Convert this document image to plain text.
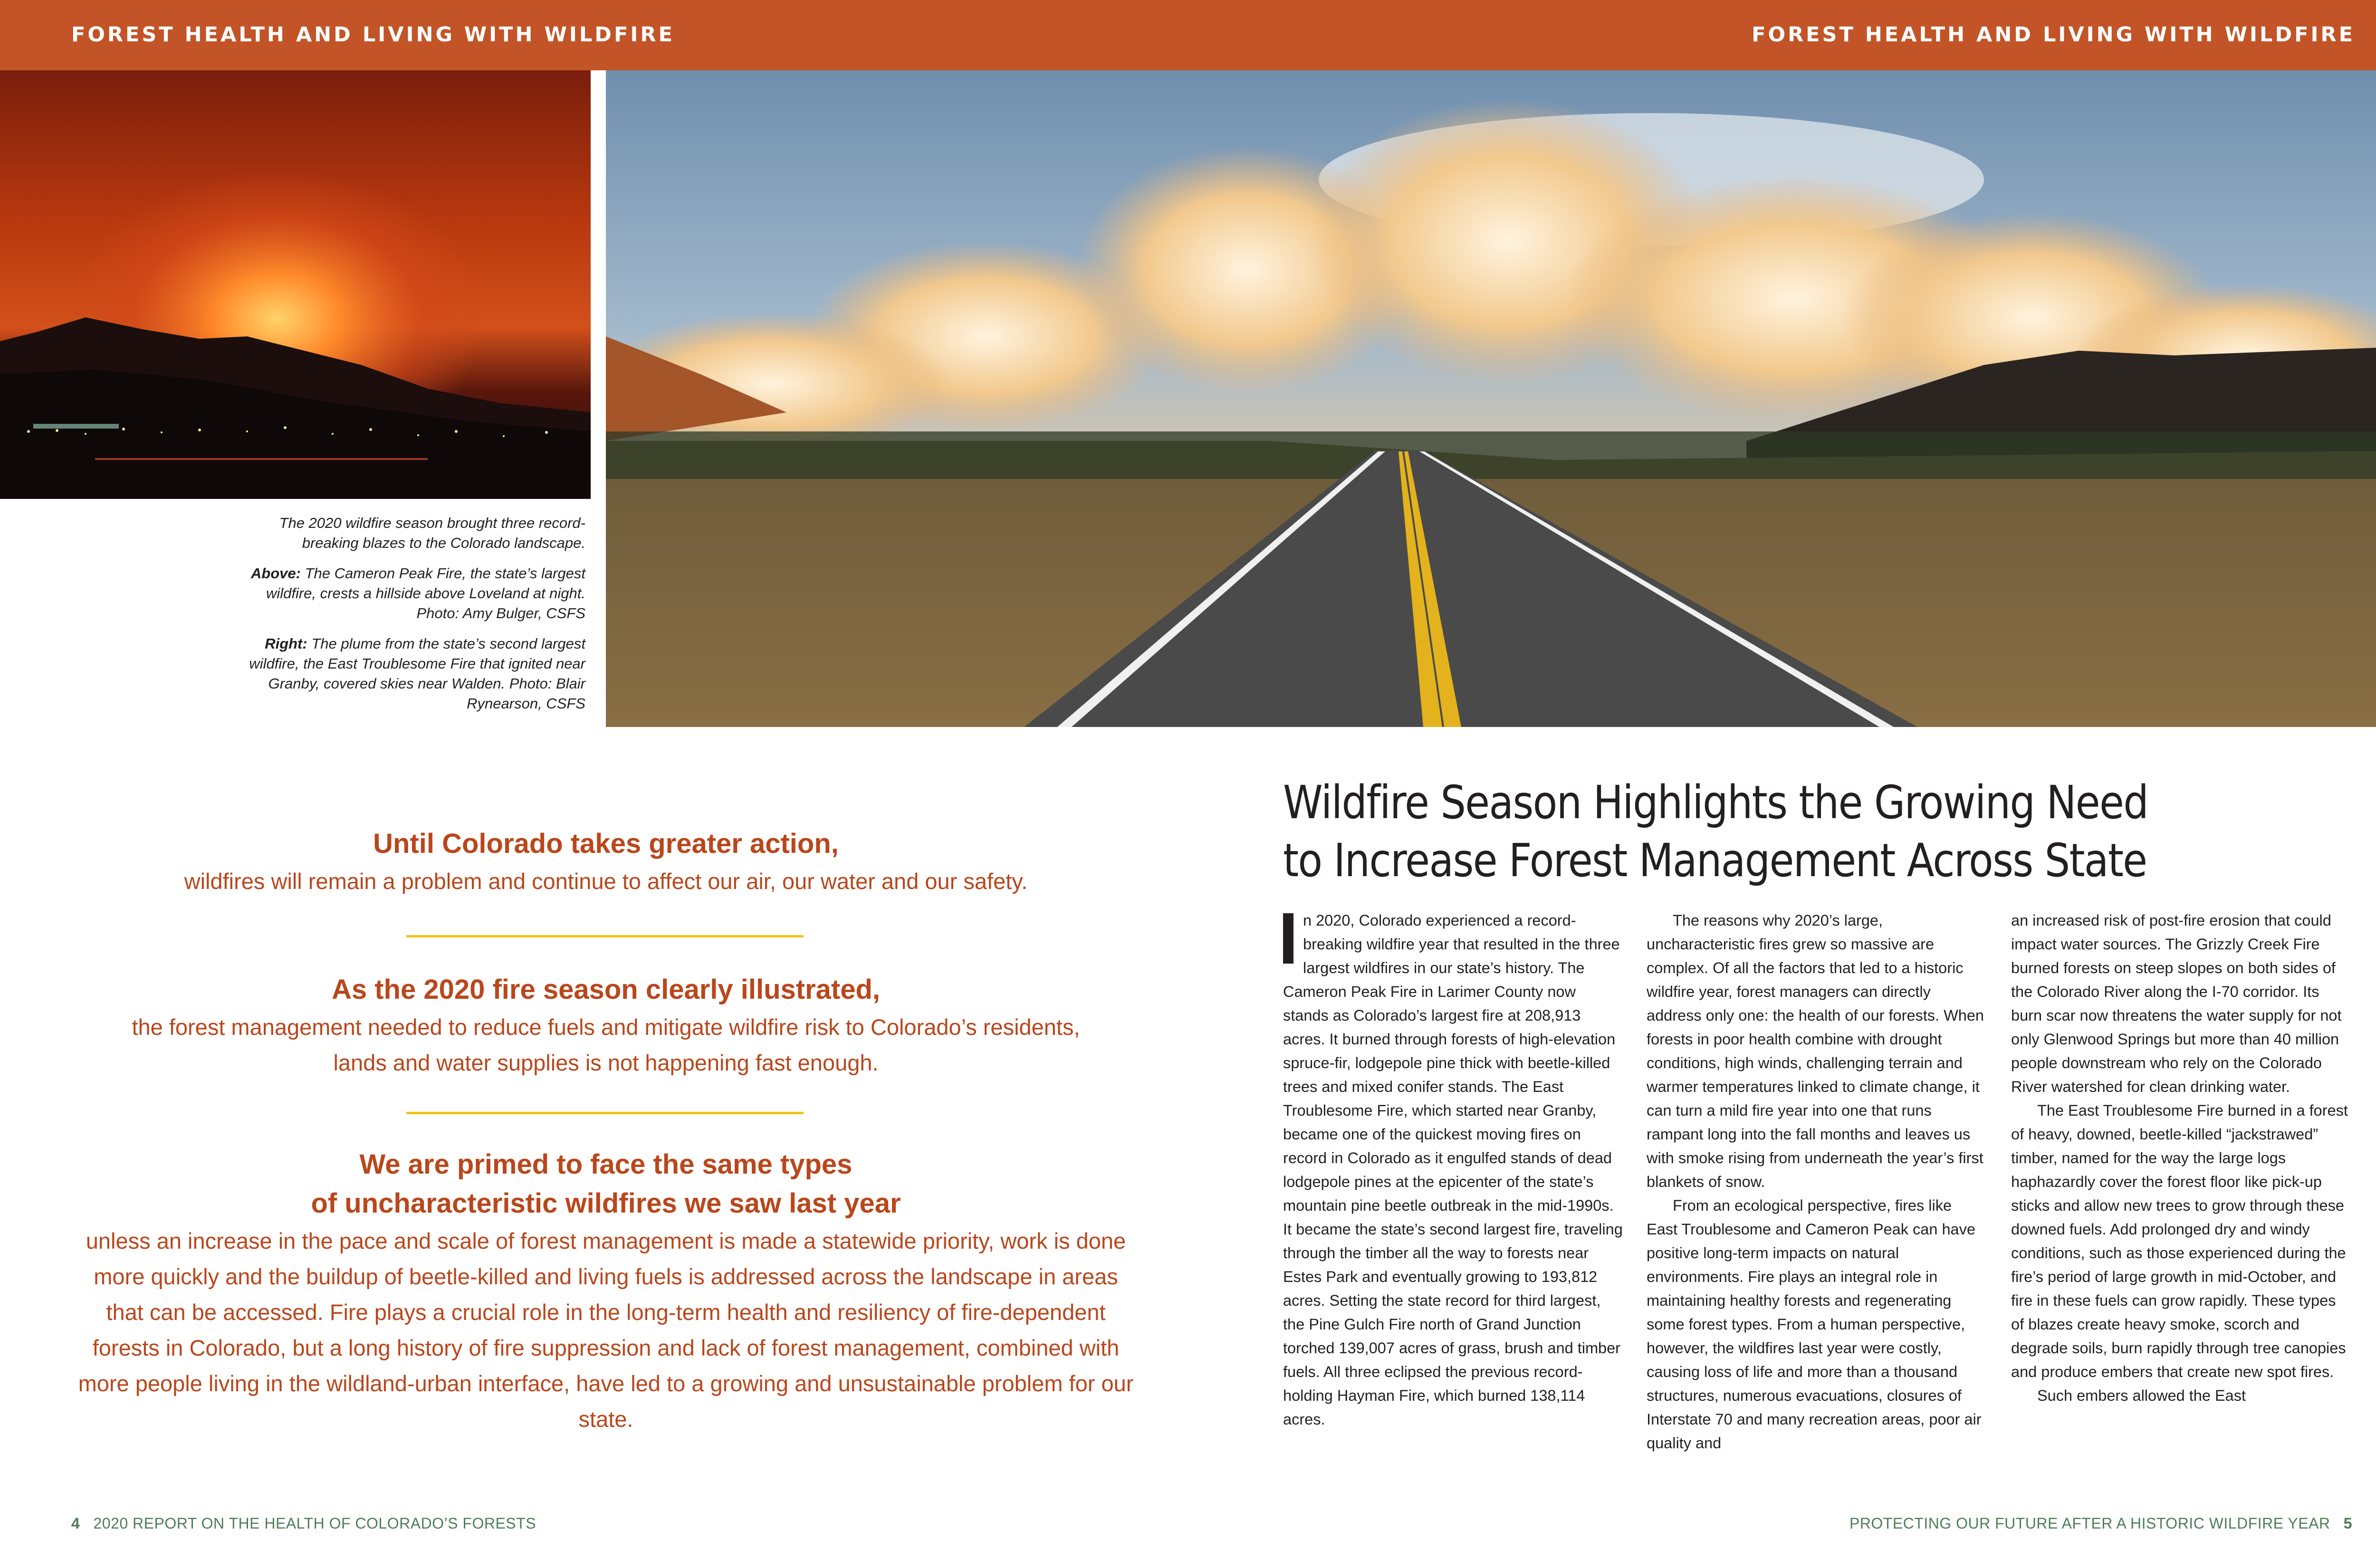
FOREST HEALTH AND LIVING WITH WILDFIRE	FOREST HEALTH AND LIVING WITH WILDFIRE

The 2020 wildfire season brought three record-breaking blazes to the Colorado landscape.

Above: The Cameron Peak Fire, the state’s largest wildfire, crests a hillside above Loveland at night. Photo: Amy Bulger, CSFS

Right: The plume from the state’s second largest wildfire, the East Troublesome Fire that ignited near Granby, covered skies near Walden. Photo: Blair Rynearson, CSFS

Until Colorado takes greater action,
wildfires will remain a problem and continue to affect our air, our water and our safety.
As the 2020 fire season clearly illustrated,
the forest management needed to reduce fuels and mitigate wildfire risk to Colorado’s residents, lands and water supplies is not happening fast enough.
We are primed to face the same types
of uncharacteristic wildfires we saw last year
unless an increase in the pace and scale of forest management is made a statewide priority, work is done more quickly and the buildup of beetle-killed and living fuels is addressed across the landscape in areas that can be accessed. Fire plays a crucial role in the long-term health and resiliency of fire-dependent forests in Colorado, but a long history of fire suppression and lack of forest management, combined with more people living in the wildland-urban interface, have led to a growing and unsustainable problem for our state.
Wildfire Season Highlights the Growing Need
to Increase Forest Management Across State

n 2020, Colorado experienced a record-breaking wildfire year that resulted in the three largest wildfires in our state’s history. The Cameron Peak Fire in Larimer County now stands as Colorado’s largest fire at 208,913 acres. It burned through forests of high-elevation spruce-fir, lodgepole pine thick with beetle-killed trees and mixed conifer stands. The East Troublesome Fire, which started near Granby, became one of the quickest moving fires on record in Colorado as it engulfed stands of dead lodgepole pines at the epicenter of the state’s mountain pine beetle outbreak in the mid-1990s. It became the state’s second largest fire, traveling through the timber all the way to forests near Estes Park and eventually growing to 193,812 acres. Setting the state record for third largest, the Pine Gulch Fire north of Grand Junction torched 139,007 acres of grass, brush and timber fuels. All three eclipsed the previous record-holding Hayman Fire, which burned 138,114 acres.

The reasons why 2020’s large, uncharacteristic fires grew so massive are complex. Of all the factors that led to a historic wildfire year, forest managers can directly address only one: the health of our forests. When forests in poor health combine with drought conditions, high winds, challenging terrain and warmer temperatures linked to climate change, it can turn a mild fire year into one that runs rampant long into the fall months and leaves us with smoke rising from underneath the year’s first blankets of snow.

From an ecological perspective, fires like East Troublesome and Cameron Peak can have positive long-term impacts on natural environments. Fire plays an integral role in maintaining healthy forests and regenerating some forest types. From a human perspective, however, the wildfires last year were costly, causing loss of life and more than a thousand structures, numerous evacuations, closures of Interstate 70 and many recreation areas, poor air quality and

an increased risk of post-fire erosion that could impact water sources. The Grizzly Creek Fire burned forests on steep slopes on both sides of the Colorado River along the I-70 corridor. Its burn scar now threatens the water supply for not only Glenwood Springs but more than 40 million people downstream who rely on the Colorado River watershed for clean drinking water.

The East Troublesome Fire burned in a forest of heavy, downed, beetle-killed “jackstrawed” timber, named for the way the large logs haphazardly cover the forest floor like pick-up sticks and allow new trees to grow through these downed fuels. Add prolonged dry and windy conditions, such as those experienced during the fire’s period of large growth in mid-October, and fire in these fuels can grow rapidly. These types of blazes create heavy smoke, scorch and degrade soils, burn rapidly through tree canopies and produce embers that create new spot fires.

Such embers allowed the East

4 2020 REPORT ON THE HEALTH OF COLORADO’S FORESTS	PROTECTING OUR FUTURE AFTER A HISTORIC WILDFIRE YEAR 5
